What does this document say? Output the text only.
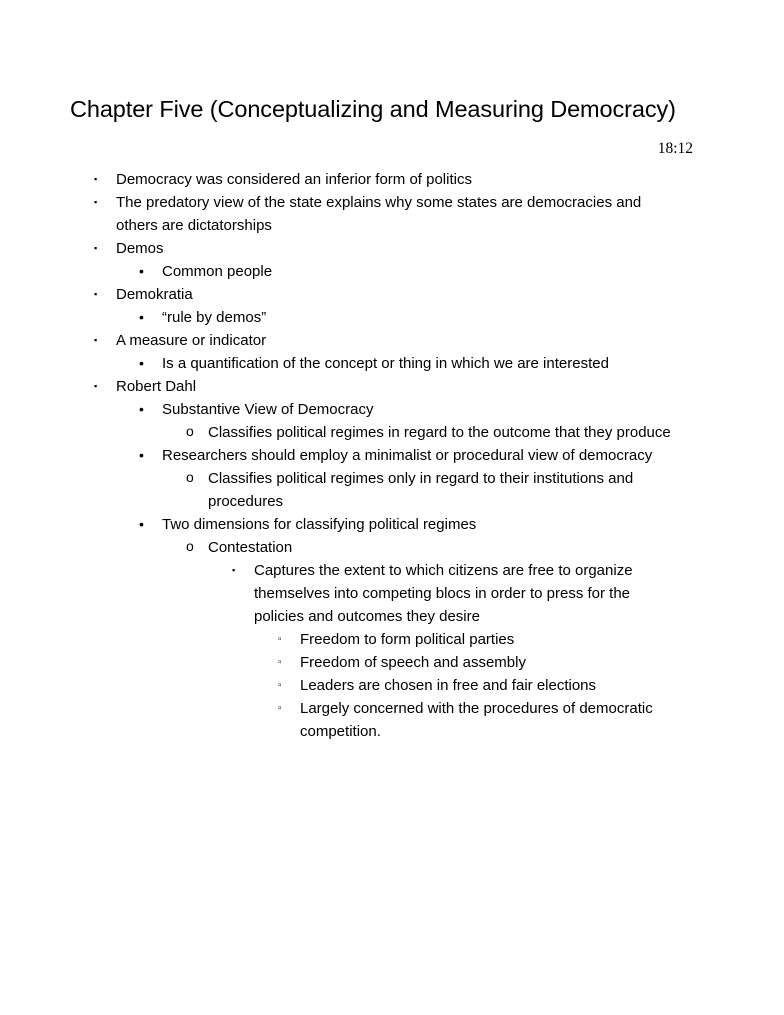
Chapter Five (Conceptualizing and Measuring Democracy)
18:12
▪	Democracy was considered an inferior form of politics
▪	The predatory view of the state explains why some states are democracies and
others are dictatorships
▪	Demos
•	Common people
▪	Demokratia
•	“rule by demos”
▪	A measure or indicator
•	Is a quantification of the concept or thing in which we are interested
▪	Robert Dahl
•	Substantive View of Democracy
o Classifies political regimes in regard to the outcome that they produce
•	Researchers should employ a minimalist or procedural view of democracy
o Classifies political regimes only in regard to their institutions and
procedures
•	Two dimensions for classifying political regimes
o Contestation
▪	Captures the extent to which citizens are free to organize
themselves into competing blocs in order to press for the
policies and outcomes they desire
▫	Freedom to form political parties
▫	Freedom of speech and assembly
▫	Leaders are chosen in free and fair elections
▫	Largely concerned with the procedures of democratic
competition.
